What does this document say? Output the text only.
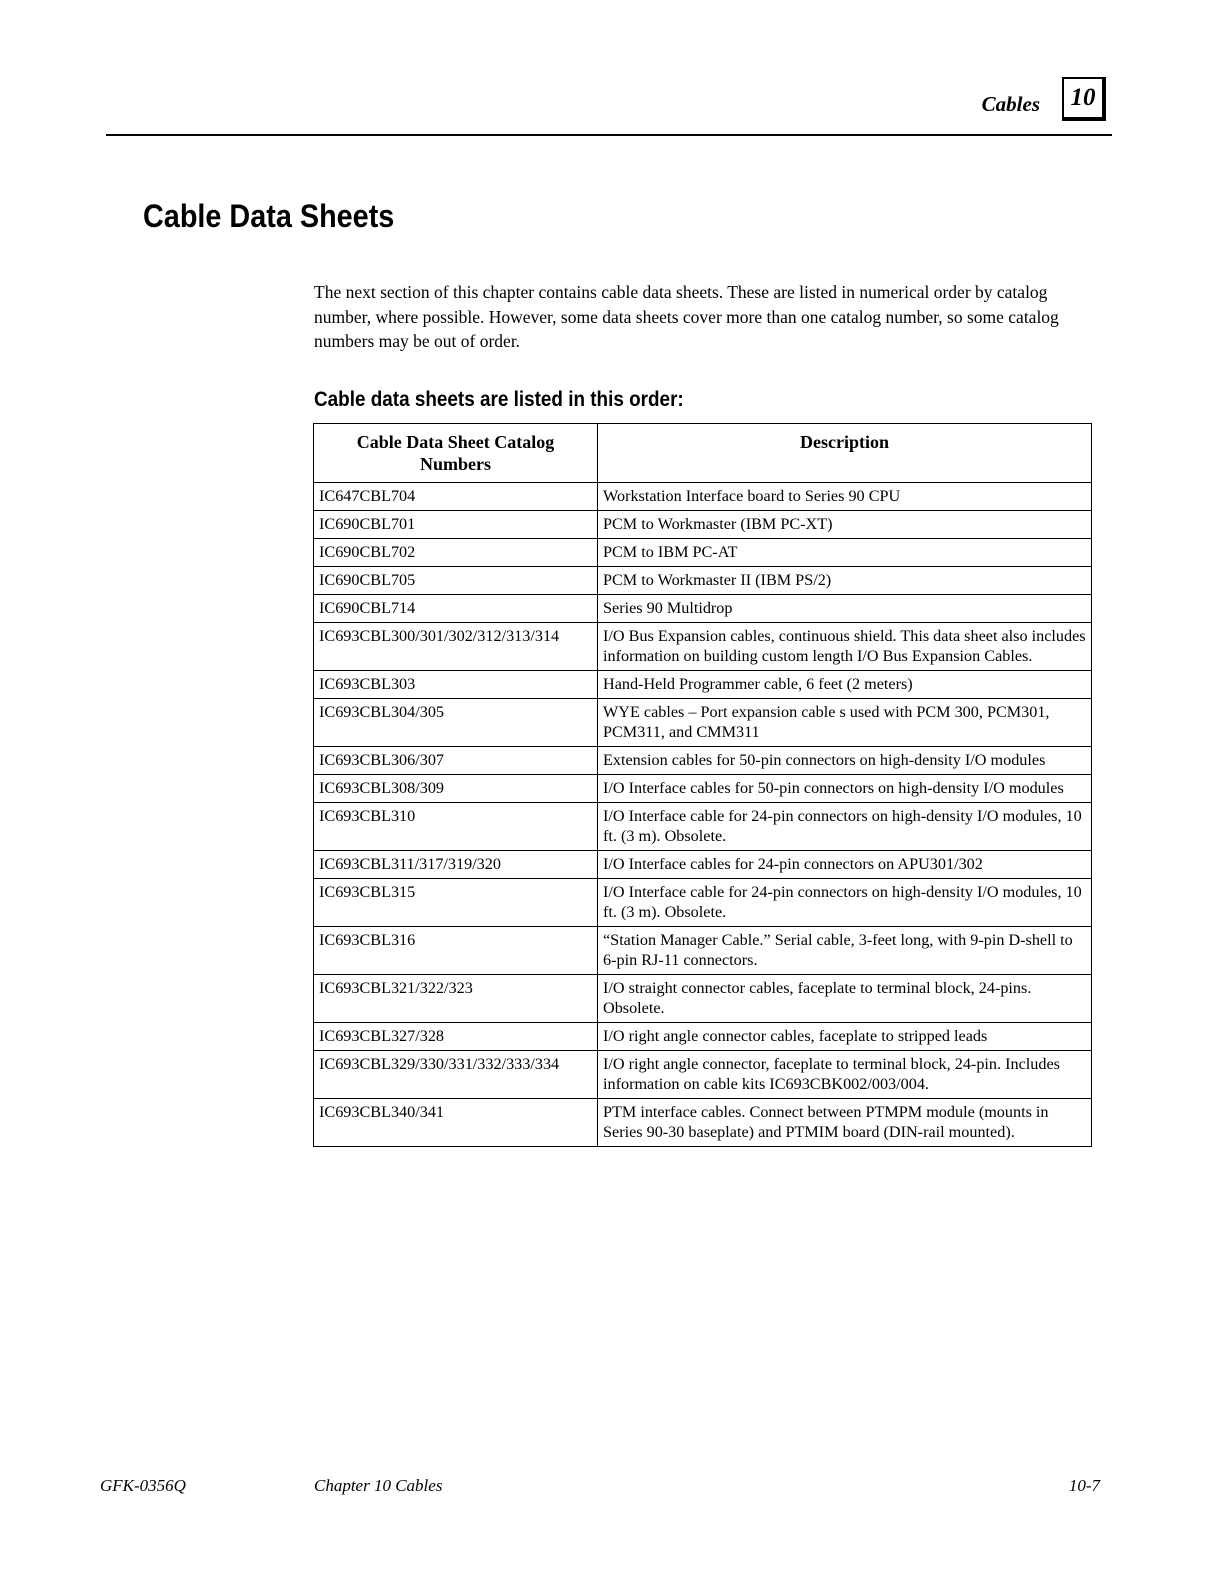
Cables	10
Cable Data Sheets

The next section of this chapter contains cable data sheets. These are listed in numerical order by catalog number, where possible. However, some data sheets cover more than one catalog number, so some catalog numbers may be out of order.

Cable data sheets are listed in this order:
Cable Data Sheet Catalog Numbers	Description
IC647CBL704	Workstation Interface board to Series 90 CPU
IC690CBL701	PCM to Workmaster (IBM PC-XT)
IC690CBL702	PCM to IBM PC-AT
IC690CBL705	PCM to Workmaster II (IBM PS/2)
IC690CBL714	Series 90 Multidrop
IC693CBL300/301/302/312/313/314	I/O Bus Expansion cables, continuous shield. This data sheet also includes information on building custom length I/O Bus Expansion Cables.
IC693CBL303	Hand-Held Programmer cable, 6 feet (2 meters)
IC693CBL304/305	WYE cables – Port expansion cable s used with PCM 300, PCM301, PCM311, and CMM311
IC693CBL306/307	Extension cables for 50-pin connectors on high-density I/O modules
IC693CBL308/309	I/O Interface cables for 50-pin connectors on high-density I/O modules
IC693CBL310	I/O Interface cable for 24-pin connectors on high-density I/O modules, 10 ft. (3 m). Obsolete.
IC693CBL311/317/319/320	I/O Interface cables for 24-pin connectors on APU301/302
IC693CBL315	I/O Interface cable for 24-pin connectors on high-density I/O modules, 10 ft. (3 m). Obsolete.
IC693CBL316	“Station Manager Cable.” Serial cable, 3-feet long, with 9-pin D-shell to 6-pin RJ-11 connectors.
IC693CBL321/322/323	I/O straight connector cables, faceplate to terminal block, 24-pins. Obsolete.
IC693CBL327/328	I/O right angle connector cables, faceplate to stripped leads
IC693CBL329/330/331/332/333/334	I/O right angle connector, faceplate to terminal block, 24-pin. Includes information on cable kits IC693CBK002/003/004.
IC693CBL340/341	PTM interface cables. Connect between PTMPM module (mounts in Series 90-30 baseplate) and PTMIM board (DIN-rail mounted).
GFK-0356Q	Chapter 10 Cables	10-7
